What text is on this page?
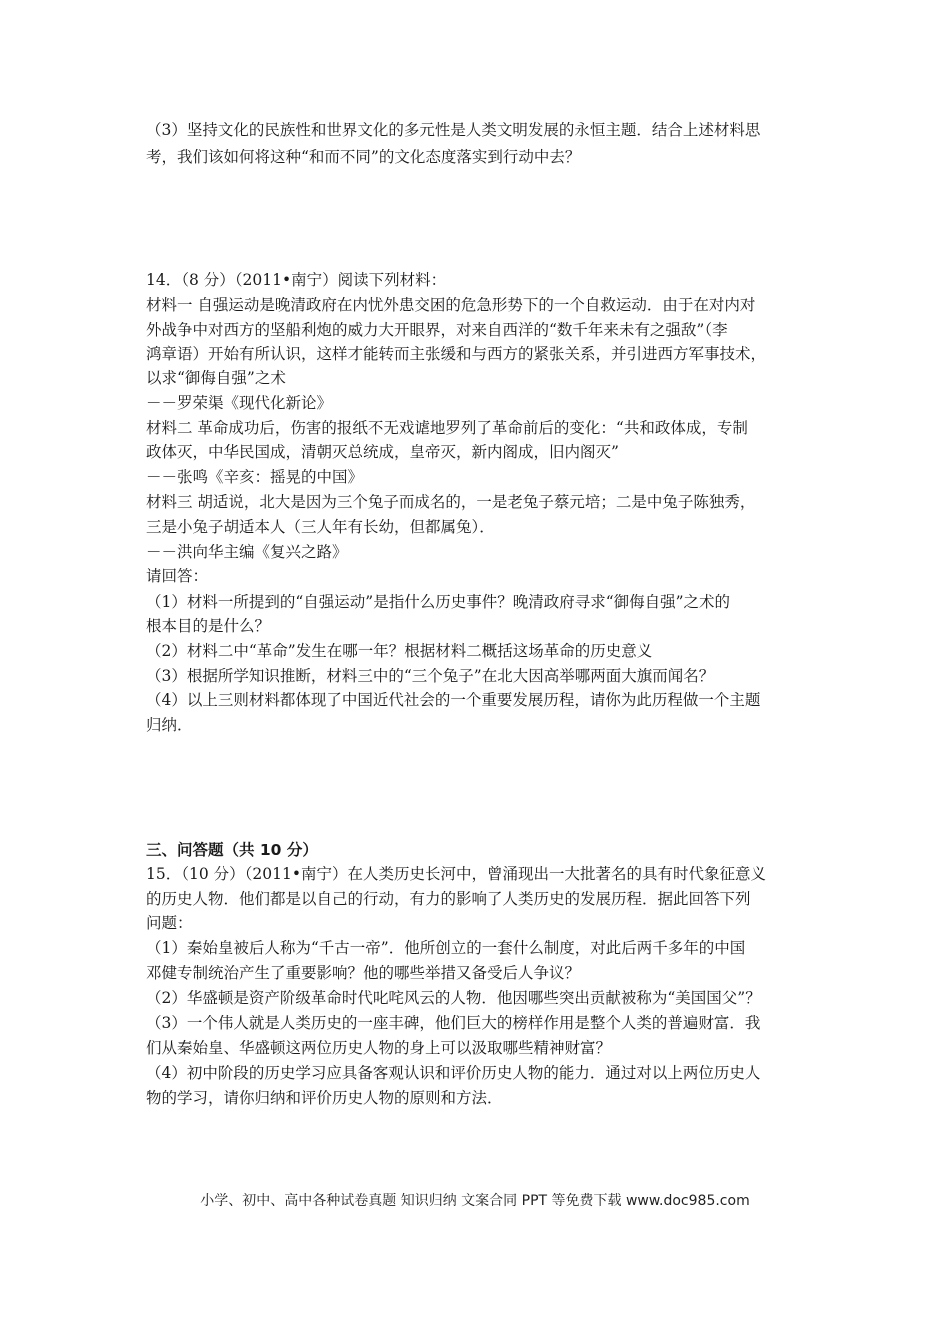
（3）坚持文化的民族性和世界文化的多元性是人类文明发展的永恒主题．结合上述材料思
考，我们该如何将这种“和而不同”的文化态度落实到行动中去？
14．（8 分）（2011•南宁）阅读下列材料：
材料一 自强运动是晚清政府在内忧外患交困的危急形势下的一个自救运动．由于在对内对
外战争中对西方的坚船利炮的威力大开眼界，对来自西洋的“数千年来未有之强敌”（李
鸿章语）开始有所认识，这样才能转而主张缓和与西方的紧张关系，并引进西方军事技术，
以求“御侮自强”之术
－－罗荣渠《现代化新论》
材料二 革命成功后，伤害的报纸不无戏谑地罗列了革命前后的变化：“共和政体成，专制
政体灭，中华民国成，清朝灭总统成，皇帝灭，新内阁成，旧内阁灭”
－－张鸣《辛亥：摇晃的中国》
材料三 胡适说，北大是因为三个兔子而成名的，一是老兔子蔡元培；二是中兔子陈独秀，
三是小兔子胡适本人（三人年有长幼，但都属兔）．
－－洪向华主编《复兴之路》
请回答：
（1）材料一所提到的“自强运动”是指什么历史事件？晚清政府寻求“御侮自强”之术的
根本目的是什么？
（2）材料二中“革命”发生在哪一年？根据材料二概括这场革命的历史意义
（3）根据所学知识推断，材料三中的“三个兔子”在北大因高举哪两面大旗而闻名？
（4）以上三则材料都体现了中国近代社会的一个重要发展历程，请你为此历程做一个主题
归纳．
三、问答题（共 10 分）
15．（10 分）（2011•南宁）在人类历史长河中，曾涌现出一大批著名的具有时代象征意义
的历史人物．他们都是以自己的行动，有力的影响了人类历史的发展历程．据此回答下列
问题：
（1）秦始皇被后人称为“千古一帝”．他所创立的一套什么制度，对此后两千多年的中国
邓健专制统治产生了重要影响？他的哪些举措又备受后人争议？
（2）华盛顿是资产阶级革命时代叱咤风云的人物．他因哪些突出贡献被称为“美国国父”？
（3）一个伟人就是人类历史的一座丰碑，他们巨大的榜样作用是整个人类的普遍财富．我
们从秦始皇、华盛顿这两位历史人物的身上可以汲取哪些精神财富？
（4）初中阶段的历史学习应具备客观认识和评价历史人物的能力．通过对以上两位历史人
物的学习，请你归纳和评价历史人物的原则和方法．
小学、初中、高中各种试卷真题 知识归纳 文案合同 PPT 等免费下载 www.doc985.com
